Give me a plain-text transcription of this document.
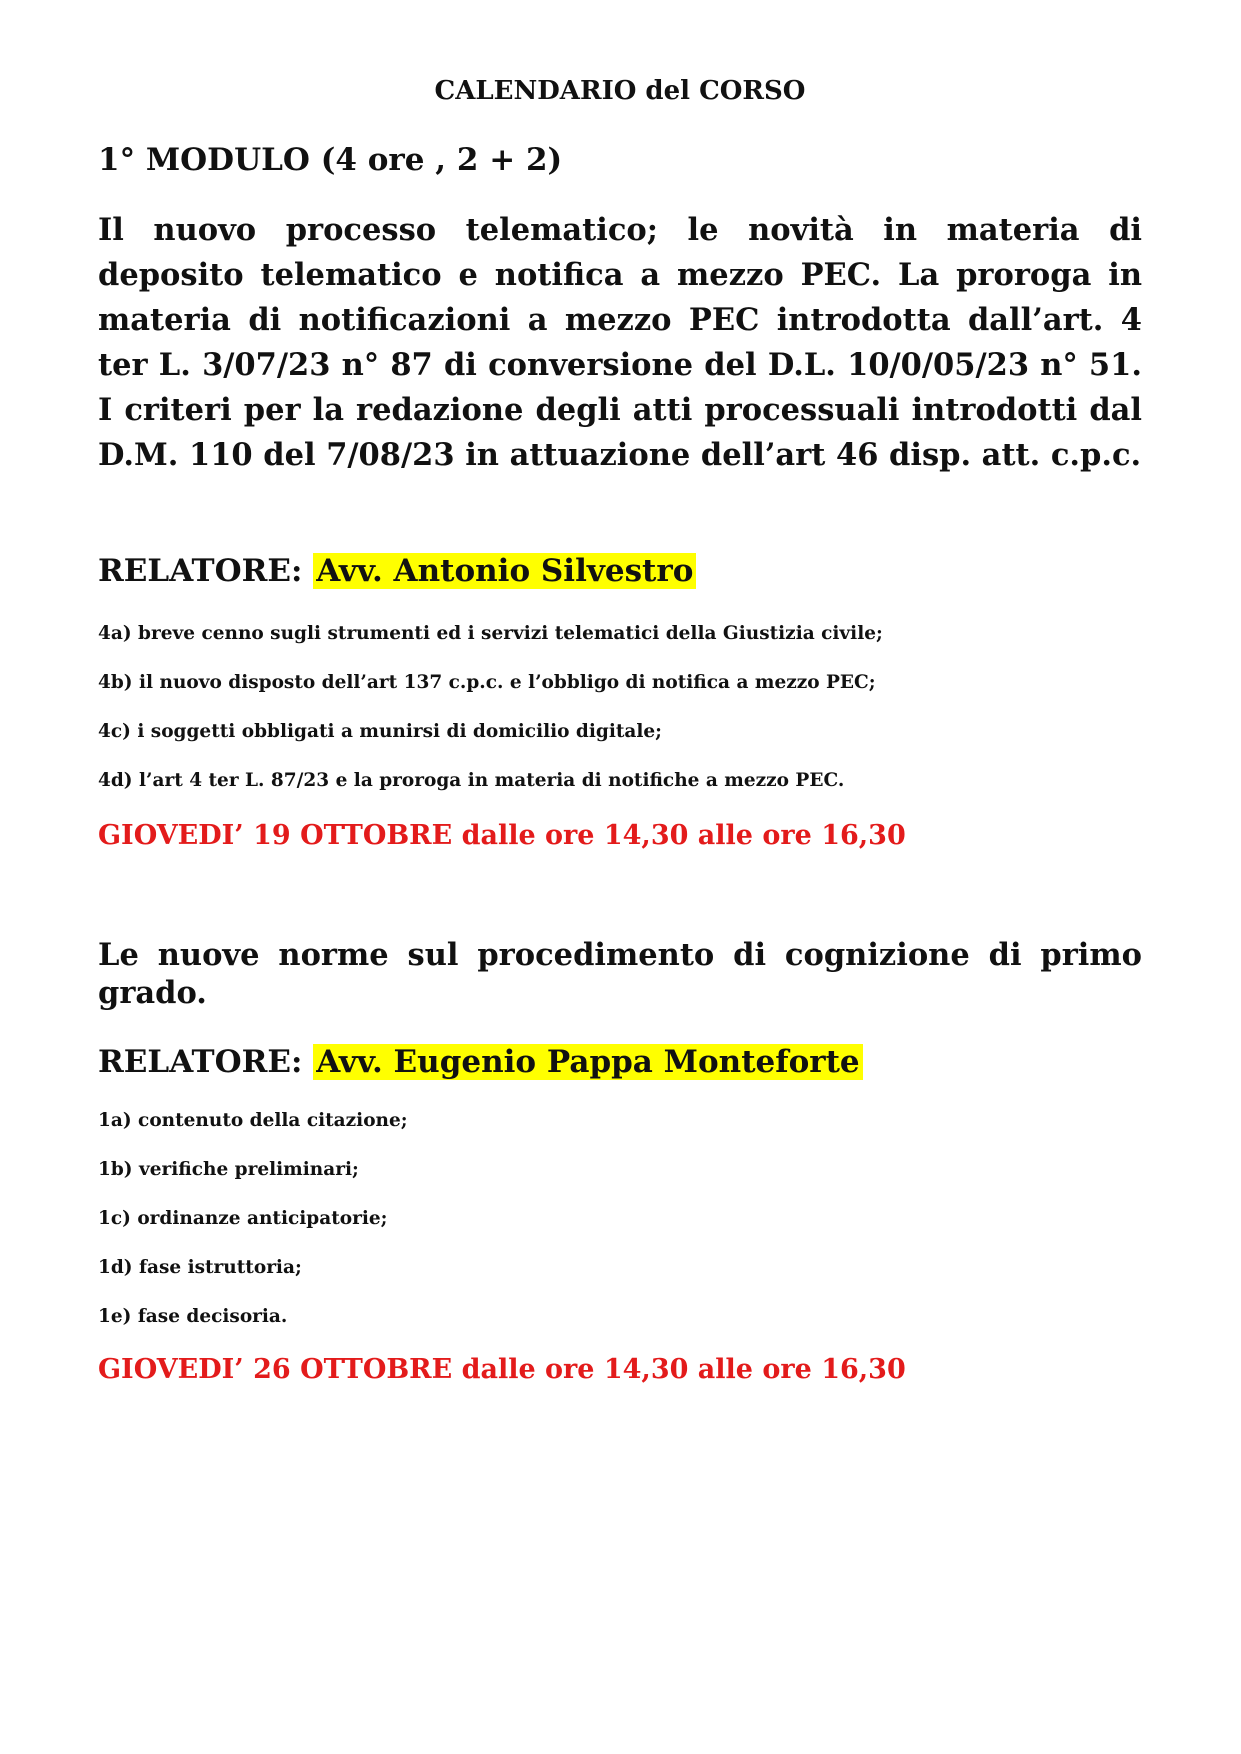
CALENDARIO del CORSO
1° MODULO (4 ore , 2 + 2)

Il nuovo processo telematico; le novità in materia di deposito telematico e notifica a mezzo PEC. La proroga in materia di notificazioni a mezzo PEC introdotta dall’art. 4 ter L. 3/07/23 n° 87 di conversione del D.L. 10/0/05/23 n° 51. I criteri per la redazione degli atti processuali introdotti dal D.M. 110 del 7/08/23 in attuazione dell’art 46 disp. att. c.p.c.

RELATORE: Avv. Antonio Silvestro

4a) breve cenno sugli strumenti ed i servizi telematici della Giustizia civile;
4b) il nuovo disposto dell’art 137 c.p.c. e l’obbligo di notifica a mezzo PEC;
4c) i soggetti obbligati a munirsi di domicilio digitale;
4d) l’art 4 ter L. 87/23 e la proroga in materia di notifiche a mezzo PEC.

GIOVEDI’ 19 OTTOBRE dalle ore 14,30 alle ore 16,30

Le nuove norme sul procedimento di cognizione di primo grado.

RELATORE: Avv. Eugenio Pappa Monteforte

1a) contenuto della citazione;
1b) verifiche preliminari;
1c) ordinanze anticipatorie;
1d) fase istruttoria;
1e) fase decisoria.

GIOVEDI’ 26 OTTOBRE dalle ore 14,30 alle ore 16,30
